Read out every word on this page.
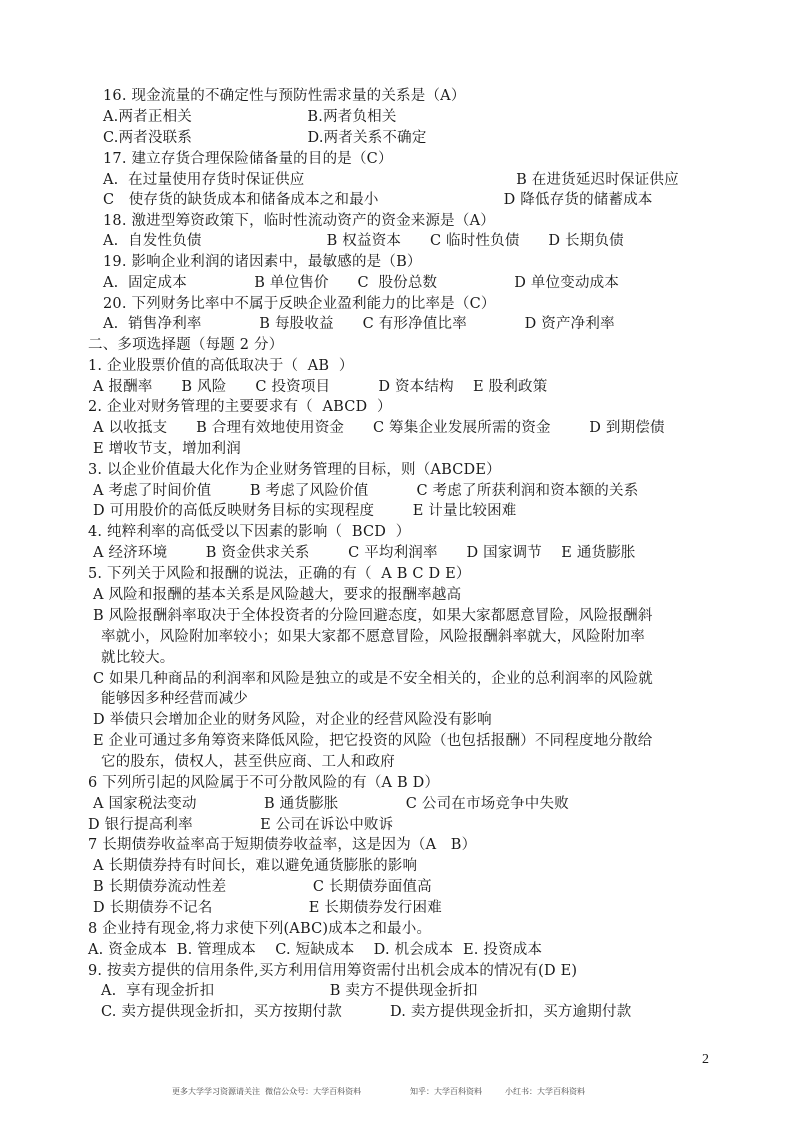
16. 现金流量的不确定性与预防性需求量的关系是（A）
A.两者正相关                        B.两者负相关
C.两者没联系                        D.两者关系不确定
17. 建立存货合理保险储备量的目的是（C）
A.  在过量使用存货时保证供应                                            B 在进货延迟时保证供应
C   使存货的缺货成本和储备成本之和最小                          D 降低存货的储蓄成本
18. 激进型筹资政策下，临时性流动资产的资金来源是（A）
A.  自发性负债                          B 权益资本      C 临时性负债      D 长期负债
19. 影响企业利润的诸因素中，最敏感的是（B）
A.  固定成本              B 单位售价      C  股份总数                D 单位变动成本
20. 下列财务比率中不属于反映企业盈利能力的比率是（C）
A.  销售净利率            B 每股收益      C 有形净值比率            D 资产净利率
二、多项选择题（每题 2 分）
1. 企业股票价值的高低取决于（  AB  ）
A 报酬率      B 风险      C 投资项目          D 资本结构    E 股利政策
2. 企业对财务管理的主要要求有（  ABCD  ）
A 以收抵支      B 合理有效地使用资金      C 筹集企业发展所需的资金        D 到期偿债
E 增收节支，增加利润
3. 以企业价值最大化作为企业财务管理的目标，则（ABCDE）
A 考虑了时间价值        B 考虑了风险价值          C 考虑了所获利润和资本额的关系
D 可用股价的高低反映财务目标的实现程度        E 计量比较困难
4. 纯粹利率的高低受以下因素的影响（  BCD  ）
A 经济环境        B 资金供求关系        C 平均利润率      D 国家调节    E 通货膨胀
5. 下列关于风险和报酬的说法，正确的有（  A B C D E）
A 风险和报酬的基本关系是风险越大，要求的报酬率越高
B 风险报酬斜率取决于全体投资者的分险回避态度，如果大家都愿意冒险，风险报酬斜
率就小，风险附加率较小；如果大家都不愿意冒险，风险报酬斜率就大，风险附加率
就比较大。
C 如果几种商品的利润率和风险是独立的或是不安全相关的，企业的总利润率的风险就
能够因多种经营而减少
D 举债只会增加企业的财务风险，对企业的经营风险没有影响
E 企业可通过多角筹资来降低风险，把它投资的风险（也包括报酬）不同程度地分散给
它的股东，债权人，甚至供应商、工人和政府
6 下列所引起的风险属于不可分散风险的有（A B D）
A 国家税法变动              B 通货膨胀              C 公司在市场竞争中失败
D 银行提高利率              E 公司在诉讼中败诉
7 长期债券收益率高于短期债券收益率，这是因为（A   B）
A 长期债券持有时间长，难以避免通货膨胀的影响
B 长期债券流动性差                  C 长期债券面值高
D 长期债券不记名                    E 长期债券发行困难
8 企业持有现金,将力求使下列(ABC)成本之和最小。
A. 资金成本  B. 管理成本    C. 短缺成本    D. 机会成本  E. 投资成本
9. 按卖方提供的信用条件,买方利用信用筹资需付出机会成本的情况有(D E)
A.  享有现金折扣                        B 卖方不提供现金折扣
C. 卖方提供现金折扣，买方按期付款          D. 卖方提供现金折扣，买方逾期付款
2
更多大学学习资源请关注  微信公众号：大学百科资料	知乎：大学百科资料	小红书：大学百科资料
